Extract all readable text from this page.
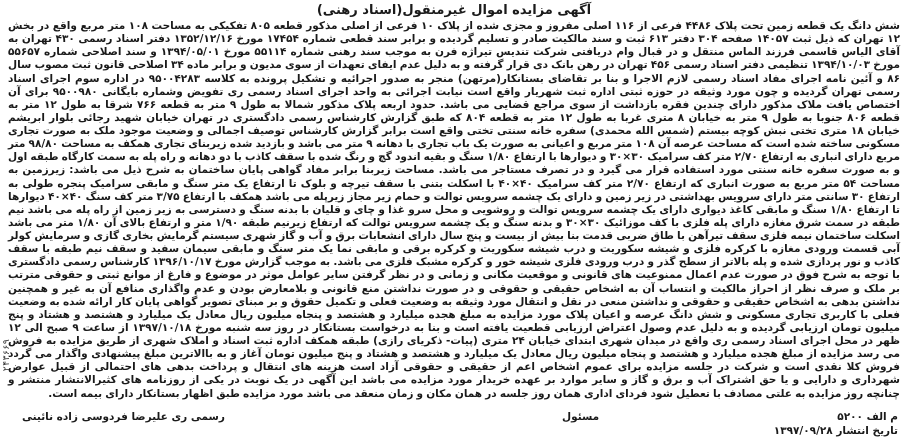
آگهی مزایده اموال غیرمنقول(اسناد رهنی)

شش دانگ یک قطعه زمین تحت پلاک ۴۴۸۶ فرعی از ۱۱۶ اصلی مفروز و مجزی شده از پلاک ۱۰ فرعی از اصلی مذکور قطعه ۸۰۵ تفکیکی به مساحت ۱۰۸ متر مربع واقع در بخش ۱۲ تهران که ذیل ثبت ۱۴۰۵۷ صفحه ۳۰۴ دفتر ۶۱۳ ثبت و سند مالکیت صادر و تسلیم گردیده و برابر سند قطعی شماره ۱۷۴۵۴ مورخ ۱۳۵۲/۱۲/۱۶ دفتر اسناد رسمی ۴۳۰ تهران به آقای الیاس قاسمی فرزند الماس منتقل و در قبال وام دریافتی شرکت تندیس تیراژه فرن به موجب سند رهنی شماره ۵۵۱۱۴ مورخ ۱۳۹۴/۰۵/۰۱ و سند اصلاحی شماره ۵۵۶۵۷ مورخ ۱۳۹۴/۱۰/۰۳ تنظیمی دفتر اسناد رسمی ۴۵۶ تهران در رهن بانک دی قرار گرفته و به دلیل عدم ایفای تعهدات از سوی مدیون و برابر ماده ۳۴ اصلاحی قانون ثبت مصوب سال ۸۶ و آئین نامه اجرای مفاد اسناد رسمی لازم الاجرا و بنا بر تقاضای بستانکار(مرتهن) منجر به صدور اجرائیه و تشکیل پرونده به کلاسه ۹۵۰۰۴۲۸۳ در اداره سوم اجرای اسناد رسمی تهران گردیده و چون مورد وثیقه در حوزه ثبتی اداره ثبت شهریار واقع است نیابت اجرائی به واحد اجرای اسناد رسمی ری تفویض وشماره بایگانی ۹۵۰۰۹۸۰ برای آن اختصاص یافت ملاک مذکور دارای چندین فقره بازداشت از سوی مراجع قضایی می باشد. حدود اربعه پلاک مذکور شمالا به طول ۹ متر به قطعه ۷۶۶ شرقا به طول ۱۲ متر به قطعه ۸۰۶ جنوبا به طول ۹ متر به خیابان ۸ متری غربا به طول ۱۲ متر به قطعه ۸۰۴ که طبق گزارش کارشناس رسمی دادگستری در تهران خیابان شهید رجائی بلوار ابریشم خیابان ۱۸ متری تختی نبش کوچه بیستم (شمس الله محمدی) سفره خانه سنتی تختی واقع است برابر گزارش کارشناس توصیف اجمالی و وضعیت موجود ملک به صورت تجاری مسکونی ساخته شده است که مساحت عرصه آن ۱۰۸ متر مربع و اعیانی به صورت یک باب تجاری با دهانه ۹ متر می باشد و بازدید شده زیربنای تجاری همکف به مساحت ۹۸/۸۰ متر مربع دارای انباری به ارتفاع ۲/۷۰ متر کف سرامیک ۳۰×۳۰ و دیوارها با ارتفاع ۱/۸۰ سنگ و بقیه اندود گچ و رنگ شده با سقف کاذب با دو دهانه و راه پله به سمت کارگاه طبقه اول و به صورت سفره خانه سنتی مورد استفاده قرار می گیرد و در تصرف مستاجر می باشد. مساحت زیربنا برابر مفاد گواهی پایان ساختمان به شرح ذیل می باشد: زیرزمین به مساحت ۵۴ متر مربع به صورت انباری که ارتفاع ۲/۷۰ متر کف سرامیک ۴۰×۴۰ با اسکلت بتنی با سقف تیرچه و بلوک تا ارتفاع یک متر سنگ و مابقی سرامیک پنجره طولی به ارتفاع ۳۰ سانتی متر دارای سرویس بهداشتی در زیر زمین و دارای یک چشمه سرویس توالت و حمام زیر مجاز زیرپله می باشد همکف با ارتفاع ۳/۷۵ متر کف سنگ ۴۰×۴۰ دیوارها تا ارتفاع ۱/۸۰ سنگ و مابقی کاغذ دیواری دارای یک چشمه سرویس توالت و روشویی و محل سرو غذا و چای و قلیان با بدنه سنگ و دسترسی به زیر زمین از راه پله می باشد نیم طبقه در سمت شرق مغازه دارای پله فلزی با کف موزائیک ۳۰×۳۰ و بدنه سنگ و یک چشمه سرویس توالت که ارتفاع زیرنیم طبقه ۱/۹۰ متر و ارتفاع بالای آن ۱/۸۰ متر می باشد اسکلت ساختمان نیمه فلزی سقف تیرآهن با طاق ضربی قدمت بنا بیش از بیست و پنج سال دارای انشعابات برق و آب و گاز شهری سیستم گرمایش بخاری گازی و سرمایش کولر آبی قسمت ورودی مغازه با کرکره فلزی و شیشه سکوریت و درب شیشه سکوریت و کرکره برقی و مابقی نما یک متر سنگ و مابقی سیمان سفید و سقف نیم طبقه با سقف کاذب و نور پردازی شده و پله بالاتر از سطح گذر و درب ورودی فلزی شیشه خور و کرکره مشبک فلزی می باشد. به موجب گزارش مورخ ۱۳۹۶/۱۰/۱۷ کارشناس رسمی دادگستری با توجه به شرح فوق در صورت عدم اعمال ممنوعیت های قانونی و موقعیت مکانی و زمانی و در نظر گرفتن سایر عوامل موثر در موضوع و فارغ از موانع ثبتی و حقوقی مترتب بر ملک و صرف نظر از احراز مالکیت و انتساب آن به اشخاص حقیقی و حقوقی و در صورت نداشتن منع قانونی و بلامعارض بودن و عدم واگذاری منافع آن به غیر و همچنین نداشتن بدهی به اشخاص حقیقی و حقوقی و نداشتن منعی در نقل و انتقال مورد وثیقه به وضعیت فعلی و تکمیل حقوق و بر مبنای تصویر گواهی پایان کار ارائه شده به وضعیت فعلی با کاربری تجاری مسکونی و شش دانگ عرصه و اعیان پلاک مورد مزایده به مبلغ هجده میلیارد و هشتصد و پنجاه میلیون ریال معادل یک میلیارد و هشتصد و هشتاد و پنج میلیون تومان ارزیابی گردیده و به دلیل عدم وصول اعتراض ارزیابی قطعیت یافته است و بنا به درخواست بستانکار در روز سه شنبه مورخ ۱۳۹۷/۱۰/۱۸ از ساعت ۹ صبح الی ۱۲ ظهر در محل اجرای اسناد رسمی ری واقع در میدان شهری ابتدای خیابان ۲۴ متری (پیات- ذکریای رازی) طبقه همکف اداره ثبت اسناد و املاک شهری از طریق مزایده به فروش می رسد مزایده از مبلغ هجده میلیارد و هشتصد و پنجاه میلیون ریال معادل یک میلیارد و هشتصد و هشتاد و پنج میلیون تومان آغاز و به باالاترین مبلغ پیشنهادی واگذار می گردد فروش کلا نقدی است و شرکت در جلسه مزایده برای عموم اشخاص اعم از حقیقی و حقوقی آزاد است هزینه های انتقال و پرداخت بدهی های احتمالی از قبیل عوارض شهرداری و دارایی و یا حق اشتراک آب و برق و گاز و سایر موارد بر عهده خریدار مورد مزایده می باشد این آگهی در یک نوبت در یکی از روزنامه های کثیرالانتشار منتشر و چنانچه روز مزایده به علتی مصادف با تعطیل شود فردای اداری همان روز جلسه در همان مکان و زمان منعقد می باشد مورد مزایده طبق اظهار بستانکار دارای بیمه است.

م الف ۵۲۰۰
تاریخ انتشار ۱۳۹۷/۰۹/۲۸
مسئول
رسمی ری علیرضا فردوسی زاده نائینی
۲۴۳۶۶۹
